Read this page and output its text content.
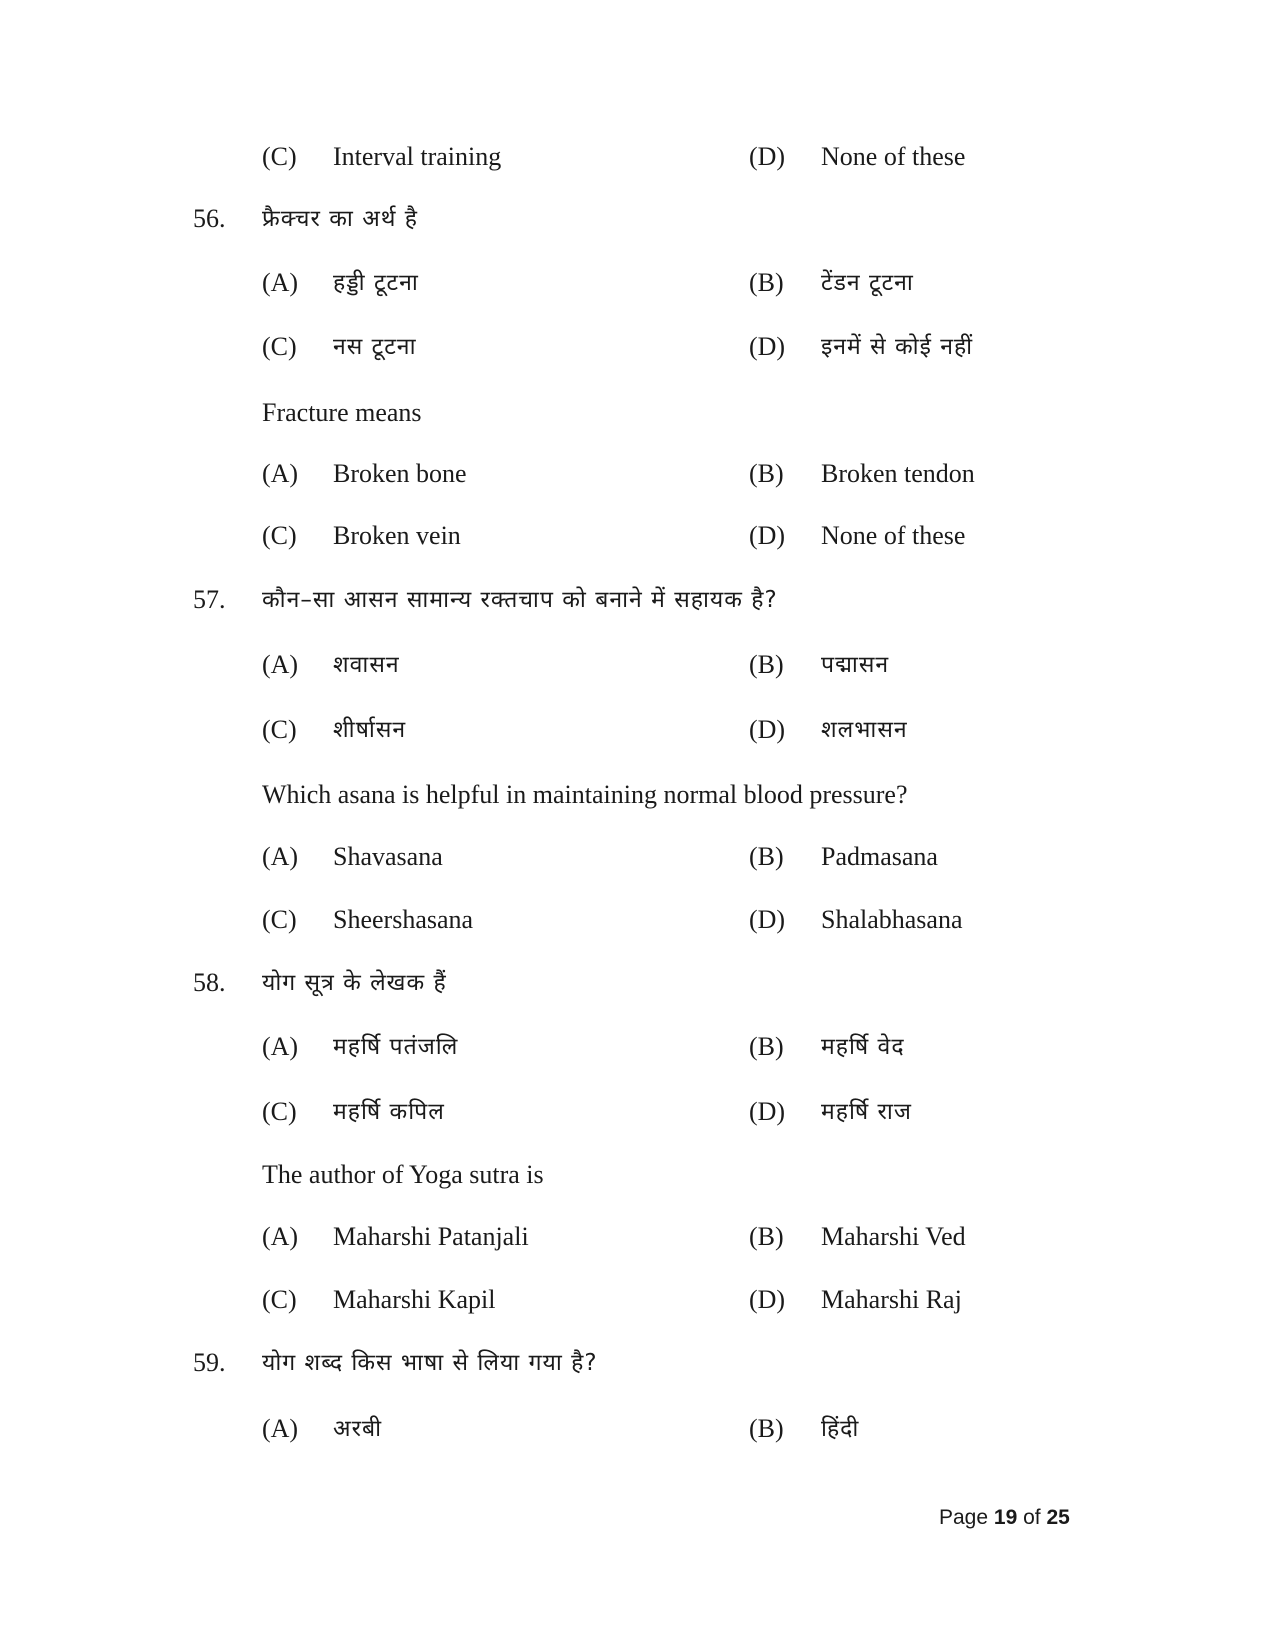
(C) Interval training	(D) None of these
56. फ्रैक्चर का अर्थ है
(A) हड्डी टूटना	(B) टेंडन टूटना
(C) नस टूटना	(D) इनमें से कोई नहीं
Fracture means
(A) Broken bone	(B) Broken tendon
(C) Broken vein	(D) None of these
57. कौन–सा आसन सामान्य रक्तचाप को बनाने में सहायक है?
(A) शवासन	(B) पद्मासन
(C) शीर्षासन	(D) शलभासन
Which asana is helpful in maintaining normal blood pressure?
(A) Shavasana	(B) Padmasana
(C) Sheershasana	(D) Shalabhasana
58. योग सूत्र के लेखक हैं
(A) महर्षि पतंजलि	(B) महर्षि वेद
(C) महर्षि कपिल	(D) महर्षि राज
The author of Yoga sutra is
(A) Maharshi Patanjali	(B) Maharshi Ved
(C) Maharshi Kapil	(D) Maharshi Raj
59. योग शब्द किस भाषा से लिया गया है?
(A) अरबी	(B) हिंदी
Page 19 of 25
